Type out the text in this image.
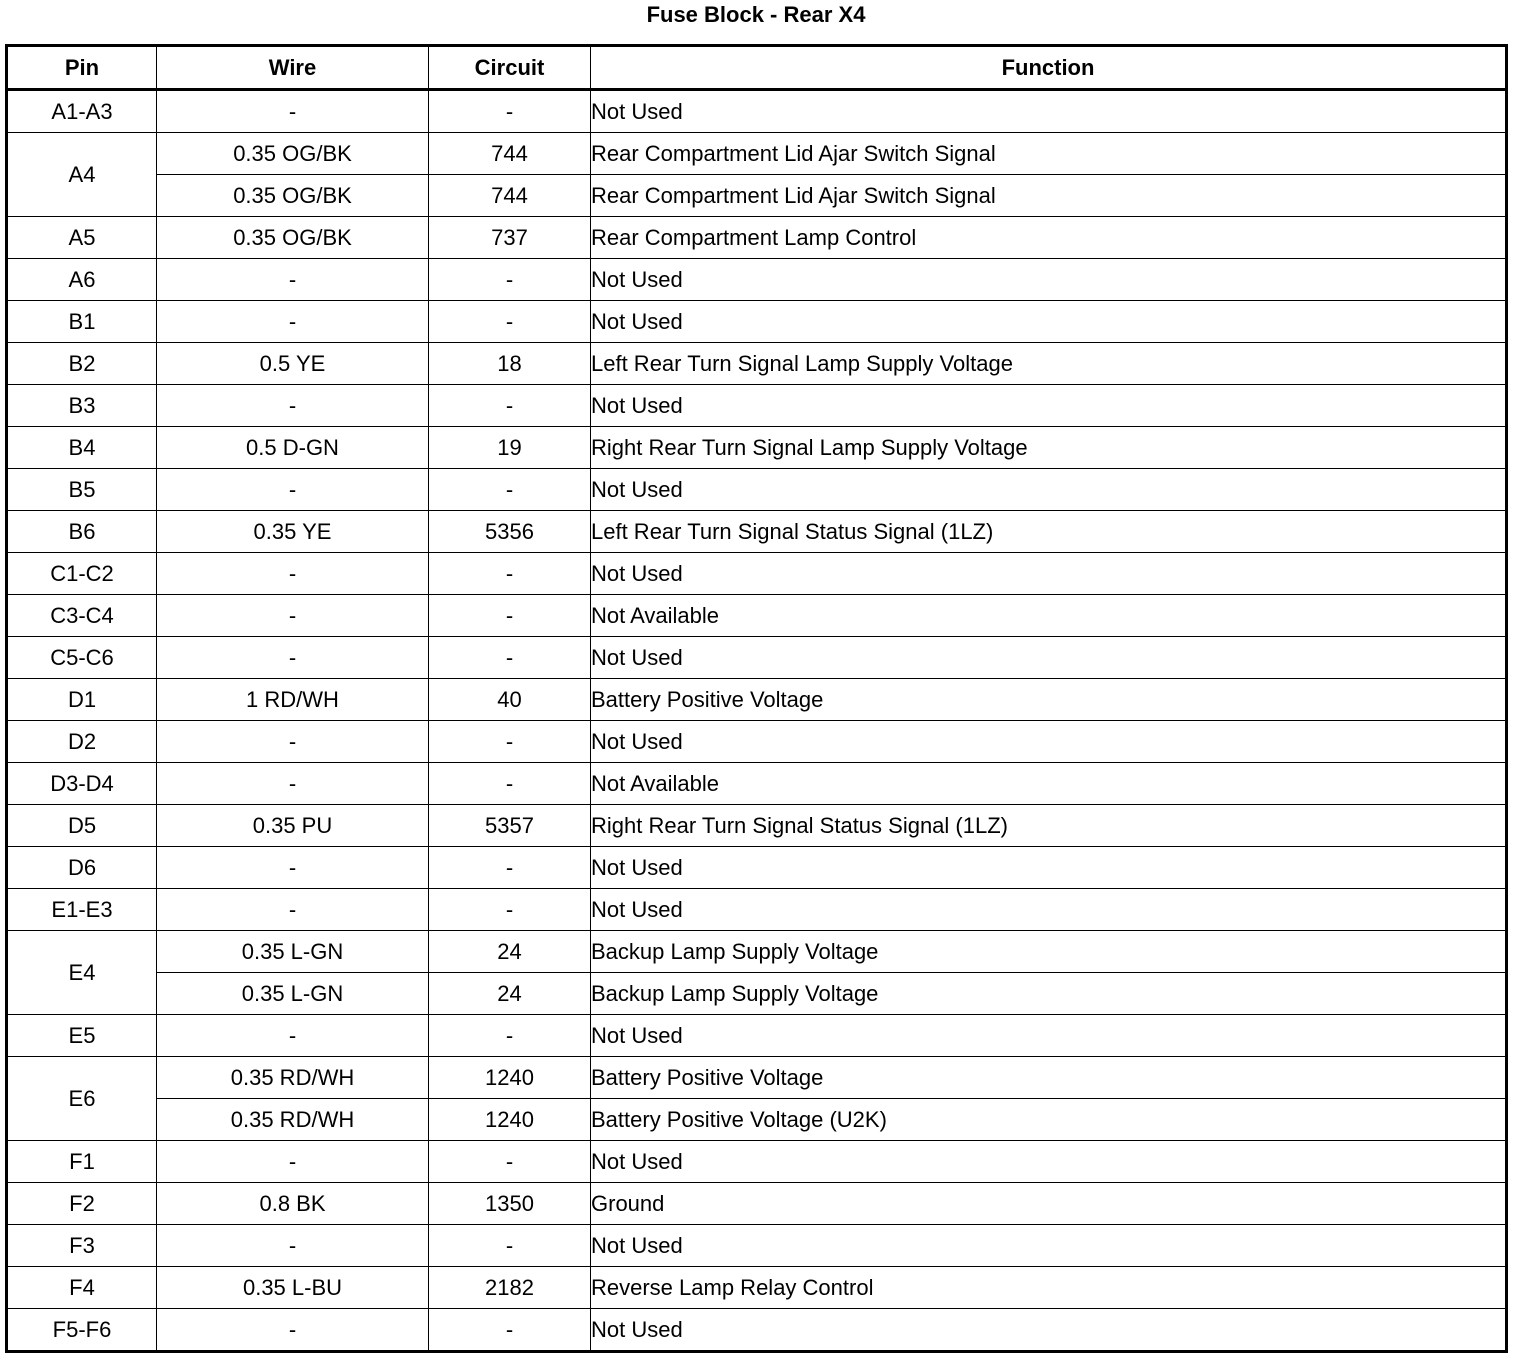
Fuse Block - Rear X4
Pin	Wire	Circuit	Function
A1-A3	-	-	Not Used
A4	0.35 OG/BK	744	Rear Compartment Lid Ajar Switch Signal
	0.35 OG/BK	744	Rear Compartment Lid Ajar Switch Signal
A5	0.35 OG/BK	737	Rear Compartment Lamp Control
A6	-	-	Not Used
B1	-	-	Not Used
B2	0.5 YE	18	Left Rear Turn Signal Lamp Supply Voltage
B3	-	-	Not Used
B4	0.5 D-GN	19	Right Rear Turn Signal Lamp Supply Voltage
B5	-	-	Not Used
B6	0.35 YE	5356	Left Rear Turn Signal Status Signal (1LZ)
C1-C2	-	-	Not Used
C3-C4	-	-	Not Available
C5-C6	-	-	Not Used
D1	1 RD/WH	40	Battery Positive Voltage
D2	-	-	Not Used
D3-D4	-	-	Not Available
D5	0.35 PU	5357	Right Rear Turn Signal Status Signal (1LZ)
D6	-	-	Not Used
E1-E3	-	-	Not Used
E4	0.35 L-GN	24	Backup Lamp Supply Voltage
	0.35 L-GN	24	Backup Lamp Supply Voltage
E5	-	-	Not Used
E6	0.35 RD/WH	1240	Battery Positive Voltage
	0.35 RD/WH	1240	Battery Positive Voltage (U2K)
F1	-	-	Not Used
F2	0.8 BK	1350	Ground
F3	-	-	Not Used
F4	0.35 L-BU	2182	Reverse Lamp Relay Control
F5-F6	-	-	Not Used
